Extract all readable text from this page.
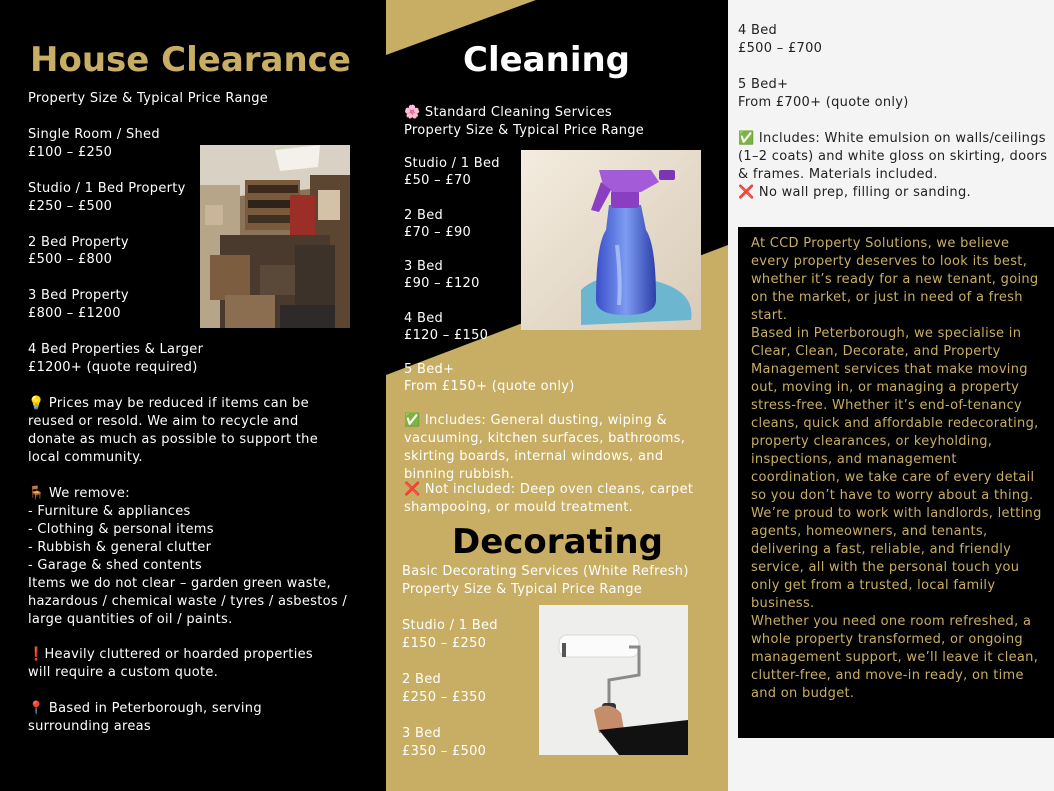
House Clearance
Property Size & Typical Price Range
Single Room / Shed
£100 – £250
Studio / 1 Bed Property
£250 – £500
2 Bed Property
£500 – £800
3 Bed Property
£800 – £1200
4 Bed Properties & Larger
£1200+ (quote required)
💡 Prices may be reduced if items can be reused or resold. We aim to recycle and donate as much as possible to support the local community.
🪑 We remove:
- Furniture & appliances
- Clothing & personal items
- Rubbish & general clutter
- Garage & shed contents
Items we do not clear – garden green waste, hazardous / chemical waste / tyres / asbestos / large quantities of oil / paints.
❗Heavily cluttered or hoarded properties will require a custom quote.
📍 Based in Peterborough, serving surrounding areas
Cleaning
🌸 Standard Cleaning Services
Property Size & Typical Price Range
Studio / 1 Bed
£50 – £70
2 Bed
£70 – £90
3 Bed
£90 – £120
4 Bed
£120 – £150
5 Bed+
From £150+ (quote only)
✅ Includes: General dusting, wiping & vacuuming, kitchen surfaces, bathrooms, skirting boards, internal windows, and binning rubbish.
❌ Not included: Deep oven cleans, carpet shampooing, or mould treatment.
Decorating
Basic Decorating Services (White Refresh)
Property Size & Typical Price Range
Studio / 1 Bed
£150 – £250
2 Bed
£250 – £350
3 Bed
£350 – £500
4 Bed
£500 – £700
5 Bed+
From £700+ (quote only)
✅ Includes: White emulsion on walls/ceilings (1–2 coats) and white gloss on skirting, doors & frames. Materials included.
❌ No wall prep, filling or sanding.
At CCD Property Solutions, we believe every property deserves to look its best, whether it’s ready for a new tenant, going on the market, or just in need of a fresh start.
Based in Peterborough, we specialise in Clear, Clean, Decorate, and Property Management services that make moving out, moving in, or managing a property stress-free. Whether it’s end-of-tenancy cleans, quick and affordable redecorating, property clearances, or keyholding, inspections, and management coordination, we take care of every detail so you don’t have to worry about a thing.
We’re proud to work with landlords, letting agents, homeowners, and tenants, delivering a fast, reliable, and friendly service, all with the personal touch you only get from a trusted, local family business.
Whether you need one room refreshed, a whole property transformed, or ongoing management support, we’ll leave it clean, clutter-free, and move-in ready, on time and on budget.
